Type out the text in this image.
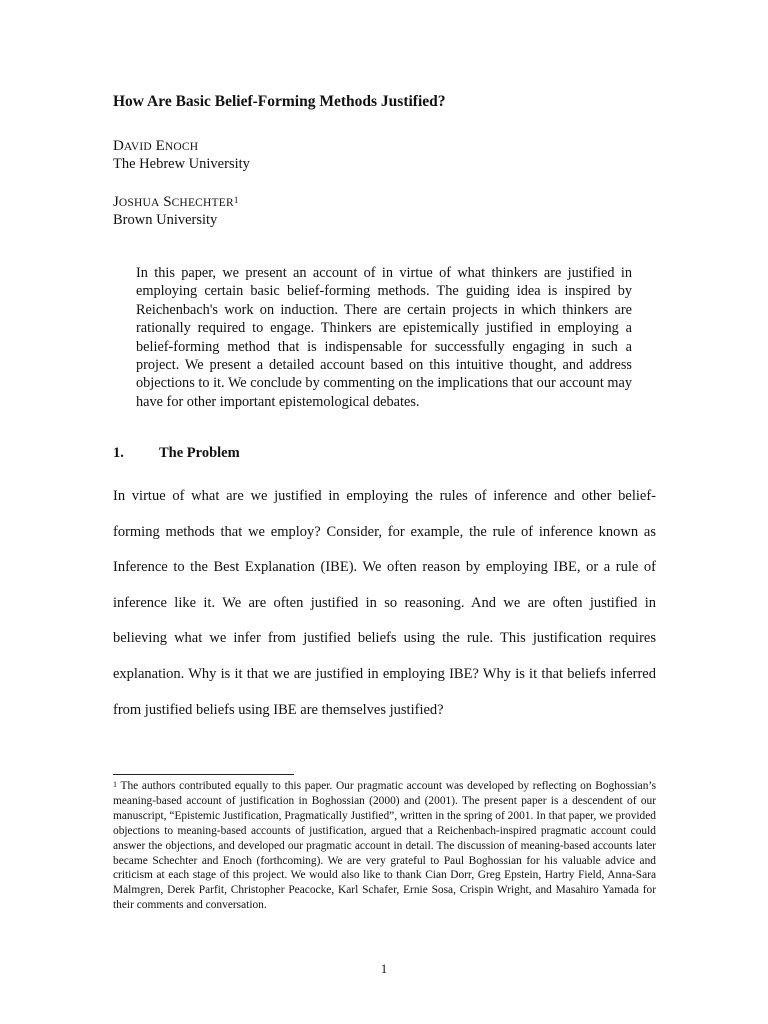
How Are Basic Belief-Forming Methods Justified?
DAVID ENOCH
The Hebrew University
JOSHUA SCHECHTER$^1$
Brown University
In this paper, we present an account of in virtue of what thinkers are justified in employing certain basic belief-forming methods. The guiding idea is inspired by Reichenbach's work on induction. There are certain projects in which thinkers are rationally required to engage. Thinkers are epistemically justified in employing a belief-forming method that is indispensable for successfully engaging in such a project. We present a detailed account based on this intuitive thought, and address objections to it. We conclude by commenting on the implications that our account may have for other important epistemological debates.
1. The Problem
In virtue of what are we justified in employing the rules of inference and other belief-forming methods that we employ? Consider, for example, the rule of inference known as Inference to the Best Explanation (IBE). We often reason by employing IBE, or a rule of inference like it. We are often justified in so reasoning. And we are often justified in believing what we infer from justified beliefs using the rule. This justification requires explanation. Why is it that we are justified in employing IBE? Why is it that beliefs inferred from justified beliefs using IBE are themselves justified?
$^1$ The authors contributed equally to this paper. Our pragmatic account was developed by reflecting on Boghossian’s meaning-based account of justification in Boghossian (2000) and (2001). The present paper is a descendent of our manuscript, “Epistemic Justification, Pragmatically Justified”, written in the spring of 2001. In that paper, we provided objections to meaning-based accounts of justification, argued that a Reichenbach-inspired pragmatic account could answer the objections, and developed our pragmatic account in detail. The discussion of meaning-based accounts later became Schechter and Enoch (forthcoming). We are very grateful to Paul Boghossian for his valuable advice and criticism at each stage of this project. We would also like to thank Cian Dorr, Greg Epstein, Hartry Field, Anna-Sara Malmgren, Derek Parfit, Christopher Peacocke, Karl Schafer, Ernie Sosa, Crispin Wright, and Masahiro Yamada for their comments and conversation.
1
